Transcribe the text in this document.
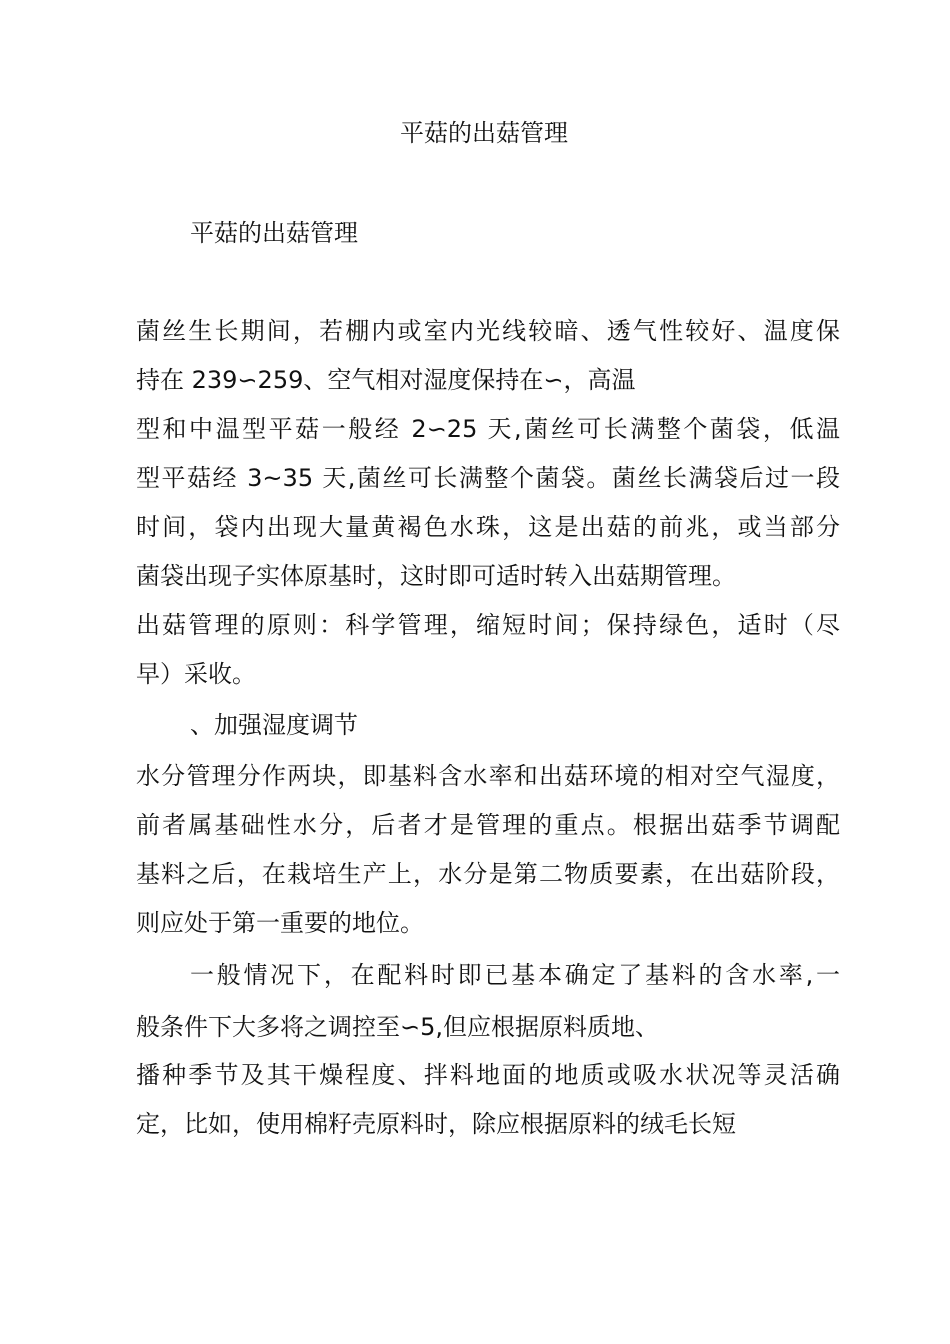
平菇的出菇管理

平菇的出菇管理

菌丝生长期间，若棚内或室内光线较暗、透气性较好、温度保

持在 239∽259、空气相对湿度保持在∽，高温

型和中温型平菇一般经 2∽25 天,菌丝可长满整个菌袋，低温

型平菇经 3~35 天,菌丝可长满整个菌袋。菌丝长满袋后过一段

时间，袋内出现大量黄褐色水珠，这是出菇的前兆，或当部分

菌袋出现子实体原基时，这时即可适时转入出菇期管理。

出菇管理的原则：科学管理，缩短时间；保持绿色，适时（尽

早）采收。

、加强湿度调节

水分管理分作两块，即基料含水率和出菇环境的相对空气湿度，

前者属基础性水分，后者才是管理的重点。根据出菇季节调配

基料之后，在栽培生产上，水分是第二物质要素，在出菇阶段，

则应处于第一重要的地位。

一般情况下，在配料时即已基本确定了基料的含水率,一

般条件下大多将之调控至∽5,但应根据原料质地、

播种季节及其干燥程度、拌料地面的地质或吸水状况等灵活确

定，比如，使用棉籽壳原料时，除应根据原料的绒毛长短
